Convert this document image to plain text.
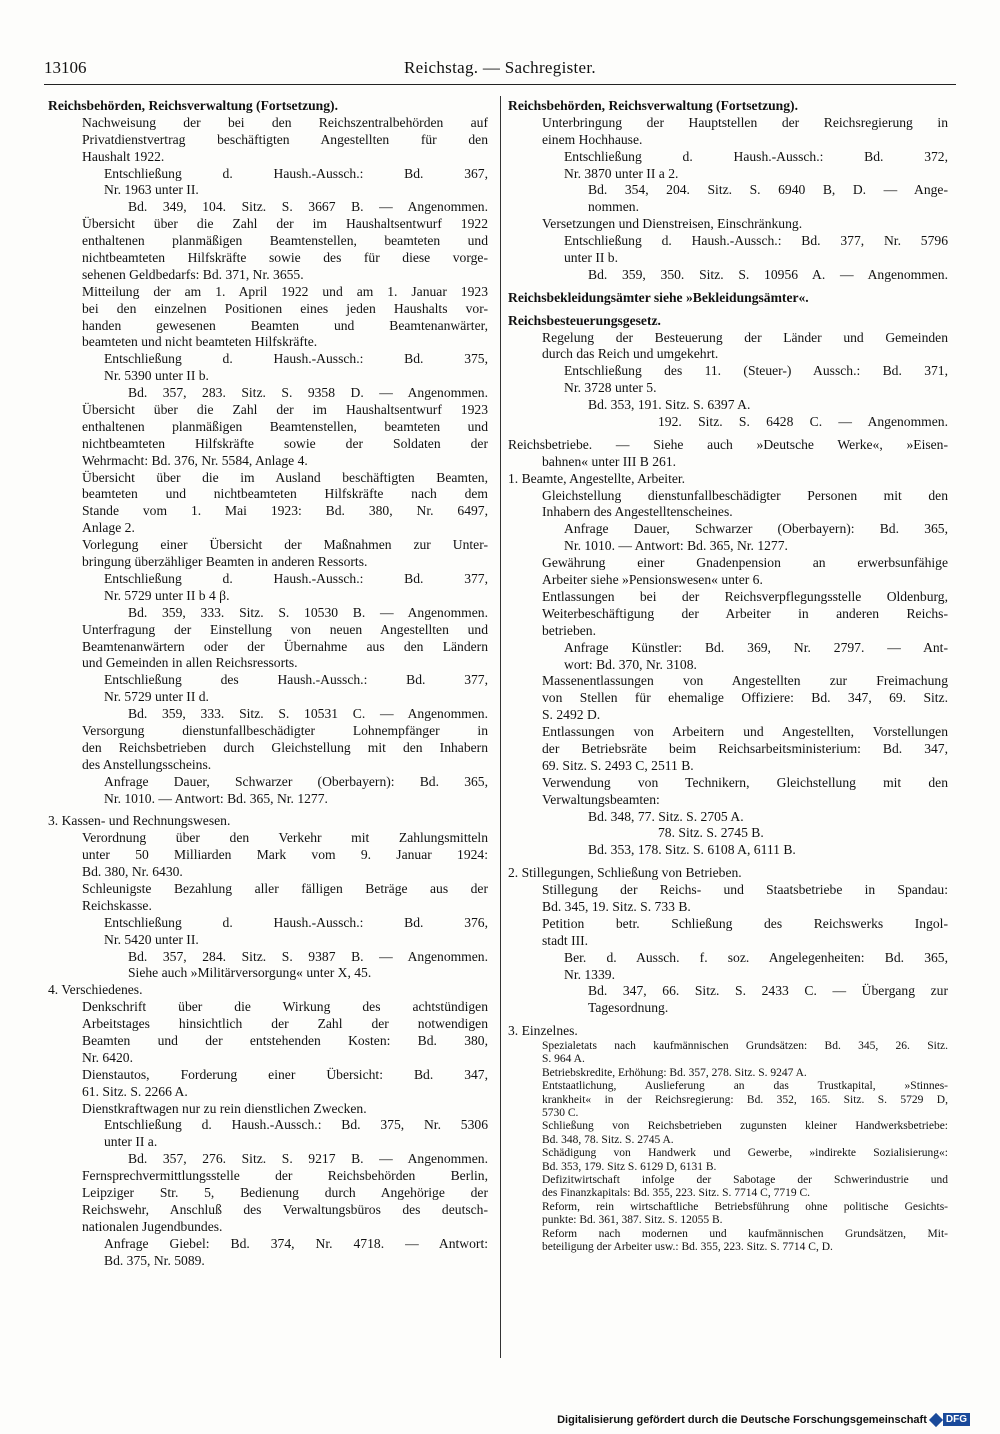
13106	Reichstag. — Sachregister.
Reichsbehörden, Reichsverwaltung (Fortsetzung).
Nachweisung der bei den Reichszentralbehörden auf
Privatdienstvertrag beschäftigten Angestellten für den
Haushalt 1922.
Entschließung d. Haush.-Aussch.: Bd. 367,
Nr. 1963 unter II.
Bd. 349, 104. Sitz. S. 3667 B. — Angenommen.
Übersicht über die Zahl der im Haushaltsentwurf 1922
enthaltenen planmäßigen Beamtenstellen, beamteten und
nichtbeamteten Hilfskräfte sowie des für diese vorge-
sehenen Geldbedarfs: Bd. 371, Nr. 3655.
Mitteilung der am 1. April 1922 und am 1. Januar 1923
bei den einzelnen Positionen eines jeden Haushalts vor-
handen gewesenen Beamten und Beamtenanwärter,
beamteten und nicht beamteten Hilfskräfte.
Entschließung d. Haush.-Aussch.: Bd. 375,
Nr. 5390 unter II b.
Bd. 357, 283. Sitz. S. 9358 D. — Angenommen.
Übersicht über die Zahl der im Haushaltsentwurf 1923
enthaltenen planmäßigen Beamtenstellen, beamteten und
nichtbeamteten Hilfskräfte sowie der Soldaten der
Wehrmacht: Bd. 376, Nr. 5584, Anlage 4.
Übersicht über die im Ausland beschäftigten Beamten,
beamteten und nichtbeamteten Hilfskräfte nach dem
Stande vom 1. Mai 1923: Bd. 380, Nr. 6497,
Anlage 2.
Vorlegung einer Übersicht der Maßnahmen zur Unter-
bringung überzähliger Beamten in anderen Ressorts.
Entschließung d. Haush.-Aussch.: Bd. 377,
Nr. 5729 unter II b 4 β.
Bd. 359, 333. Sitz. S. 10530 B. — Angenommen.
Unterfragung der Einstellung von neuen Angestellten und
Beamtenanwärtern oder der Übernahme aus den Ländern
und Gemeinden in allen Reichsressorts.
Entschließung des Haush.-Aussch.: Bd. 377,
Nr. 5729 unter II d.
Bd. 359, 333. Sitz. S. 10531 C. — Angenommen.
Versorgung dienstunfallbeschädigter Lohnempfänger in
den Reichsbetrieben durch Gleichstellung mit den Inhabern
des Anstellungsscheins.
Anfrage Dauer, Schwarzer (Oberbayern): Bd. 365,
Nr. 1010. — Antwort: Bd. 365, Nr. 1277.
3. Kassen- und Rechnungswesen.
Verordnung über den Verkehr mit Zahlungsmitteln
unter 50 Milliarden Mark vom 9. Januar 1924:
Bd. 380, Nr. 6430.
Schleunigste Bezahlung aller fälligen Beträge aus der
Reichskasse.
Entschließung d. Haush.-Aussch.: Bd. 376,
Nr. 5420 unter II.
Bd. 357, 284. Sitz. S. 9387 B. — Angenommen.
Siehe auch »Militärversorgung« unter X, 45.
4. Verschiedenes.
Denkschrift über die Wirkung des achtstündigen
Arbeitstages hinsichtlich der Zahl der notwendigen
Beamten und der entstehenden Kosten: Bd. 380,
Nr. 6420.
Dienstautos, Forderung einer Übersicht: Bd. 347,
61. Sitz. S. 2266 A.
Dienstkraftwagen nur zu rein dienstlichen Zwecken.
Entschließung d. Haush.-Aussch.: Bd. 375, Nr. 5306
unter II a.
Bd. 357, 276. Sitz. S. 9217 B. — Angenommen.
Fernsprechvermittlungsstelle der Reichsbehörden Berlin,
Leipziger Str. 5, Bedienung durch Angehörige der
Reichswehr, Anschluß des Verwaltungsbüros des deutsch-
nationalen Jugendbundes.
Anfrage Giebel: Bd. 374, Nr. 4718. — Antwort:
Bd. 375, Nr. 5089.
Reichsbehörden, Reichsverwaltung (Fortsetzung).
Unterbringung der Hauptstellen der Reichsregierung in
einem Hochhause.
Entschließung d. Haush.-Aussch.: Bd. 372,
Nr. 3870 unter II a 2.
Bd. 354, 204. Sitz. S. 6940 B, D. — Ange-
nommen.
Versetzungen und Dienstreisen, Einschränkung.
Entschließung d. Haush.-Aussch.: Bd. 377, Nr. 5796
unter II b.
Bd. 359, 350. Sitz. S. 10956 A. — Angenommen.
Reichsbekleidungsämter siehe »Bekleidungsämter«.
Reichsbesteuerungsgesetz.
Regelung der Besteuerung der Länder und Gemeinden
durch das Reich und umgekehrt.
Entschließung des 11. (Steuer-) Aussch.: Bd. 371,
Nr. 3728 unter 5.
Bd. 353, 191. Sitz. S. 6397 A.
192. Sitz. S. 6428 C. — Angenommen.
Reichsbetriebe. — Siehe auch »Deutsche Werke«, »Eisen-
bahnen« unter III B 261.
1. Beamte, Angestellte, Arbeiter.
Gleichstellung dienstunfallbeschädigter Personen mit den
Inhabern des Angestelltenscheines.
Anfrage Dauer, Schwarzer (Oberbayern): Bd. 365,
Nr. 1010. — Antwort: Bd. 365, Nr. 1277.
Gewährung einer Gnadenpension an erwerbsunfähige
Arbeiter siehe »Pensionswesen« unter 6.
Entlassungen bei der Reichsverpflegungsstelle Oldenburg,
Weiterbeschäftigung der Arbeiter in anderen Reichs-
betrieben.
Anfrage Künstler: Bd. 369, Nr. 2797. — Ant-
wort: Bd. 370, Nr. 3108.
Massenentlassungen von Angestellten zur Freimachung
von Stellen für ehemalige Offiziere: Bd. 347, 69. Sitz.
S. 2492 D.
Entlassungen von Arbeitern und Angestellten, Vorstellungen
der Betriebsräte beim Reichsarbeitsministerium: Bd. 347,
69. Sitz. S. 2493 C, 2511 B.
Verwendung von Technikern, Gleichstellung mit den
Verwaltungsbeamten:
Bd. 348, 77. Sitz. S. 2705 A.
78. Sitz. S. 2745 B.
Bd. 353, 178. Sitz. S. 6108 A, 6111 B.
2. Stillegungen, Schließung von Betrieben.
Stillegung der Reichs- und Staatsbetriebe in Spandau:
Bd. 345, 19. Sitz. S. 733 B.
Petition betr. Schließung des Reichswerks Ingol-
stadt III.
Ber. d. Aussch. f. soz. Angelegenheiten: Bd. 365,
Nr. 1339.
Bd. 347, 66. Sitz. S. 2433 C. — Übergang zur
Tagesordnung.
3. Einzelnes.
Spezialetats nach kaufmännischen Grundsätzen: Bd. 345, 26. Sitz.
S. 964 A.
Betriebskredite, Erhöhung: Bd. 357, 278. Sitz. S. 9247 A.
Entstaatlichung, Auslieferung an das Trustkapital, »Stinnes-
krankheit« in der Reichsregierung: Bd. 352, 165. Sitz. S. 5729 D,
5730 C.
Schließung von Reichsbetrieben zugunsten kleiner Handwerksbetriebe:
Bd. 348, 78. Sitz. S. 2745 A.
Schädigung von Handwerk und Gewerbe, »indirekte Sozialisierung«:
Bd. 353, 179. Sitz S. 6129 D, 6131 B.
Defizitwirtschaft infolge der Sabotage der Schwerindustrie und
des Finanzkapitals: Bd. 355, 223. Sitz. S. 7714 C, 7719 C.
Reform, rein wirtschaftliche Betriebsführung ohne politische Gesichts-
punkte: Bd. 361, 387. Sitz. S. 12055 B.
Reform nach modernen und kaufmännischen Grundsätzen, Mit-
beteiligung der Arbeiter usw.: Bd. 355, 223. Sitz. S. 7714 C, D.
Digitalisierung gefördert durch die Deutsche Forschungsgemeinschaft	DFG
